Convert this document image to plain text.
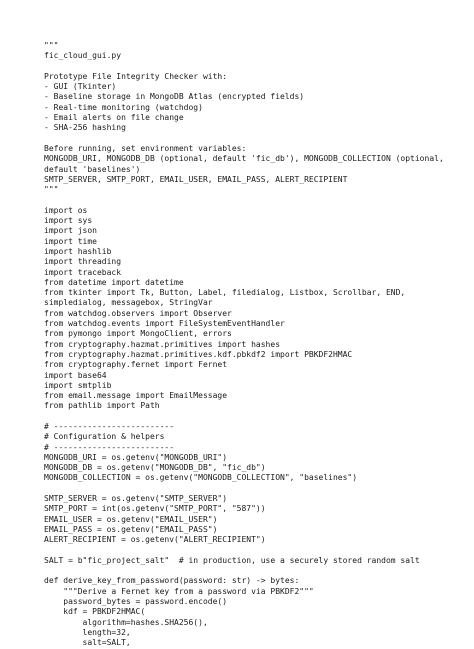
"""
fic_cloud_gui.py
Prototype File Integrity Checker with:
- GUI (Tkinter)
- Baseline storage in MongoDB Atlas (encrypted fields)
- Real-time monitoring (watchdog)
- Email alerts on file change
- SHA-256 hashing
Before running, set environment variables:
MONGODB_URI, MONGODB_DB (optional, default 'fic_db'), MONGODB_COLLECTION (optional,
default 'baselines')
SMTP_SERVER, SMTP_PORT, EMAIL_USER, EMAIL_PASS, ALERT_RECIPIENT
"""
import os
import sys
import json
import time
import hashlib
import threading
import traceback
from datetime import datetime
from tkinter import Tk, Button, Label, filedialog, Listbox, Scrollbar, END,
simpledialog, messagebox, StringVar
from watchdog.observers import Observer
from watchdog.events import FileSystemEventHandler
from pymongo import MongoClient, errors
from cryptography.hazmat.primitives import hashes
from cryptography.hazmat.primitives.kdf.pbkdf2 import PBKDF2HMAC
from cryptography.fernet import Fernet
import base64
import smtplib
from email.message import EmailMessage
from pathlib import Path
# -------------------------
# Configuration & helpers
# -------------------------
MONGODB_URI = os.getenv("MONGODB_URI")
MONGODB_DB = os.getenv("MONGODB_DB", "fic_db")
MONGODB_COLLECTION = os.getenv("MONGODB_COLLECTION", "baselines")
SMTP_SERVER = os.getenv("SMTP_SERVER")
SMTP_PORT = int(os.getenv("SMTP_PORT", "587"))
EMAIL_USER = os.getenv("EMAIL_USER")
EMAIL_PASS = os.getenv("EMAIL_PASS")
ALERT_RECIPIENT = os.getenv("ALERT_RECIPIENT")
SALT = b"fic_project_salt"  # in production, use a securely stored random salt
def derive_key_from_password(password: str) -> bytes:
"""Derive a Fernet key from a password via PBKDF2"""
password_bytes = password.encode()
kdf = PBKDF2HMAC(
algorithm=hashes.SHA256(),
length=32,
salt=SALT,
